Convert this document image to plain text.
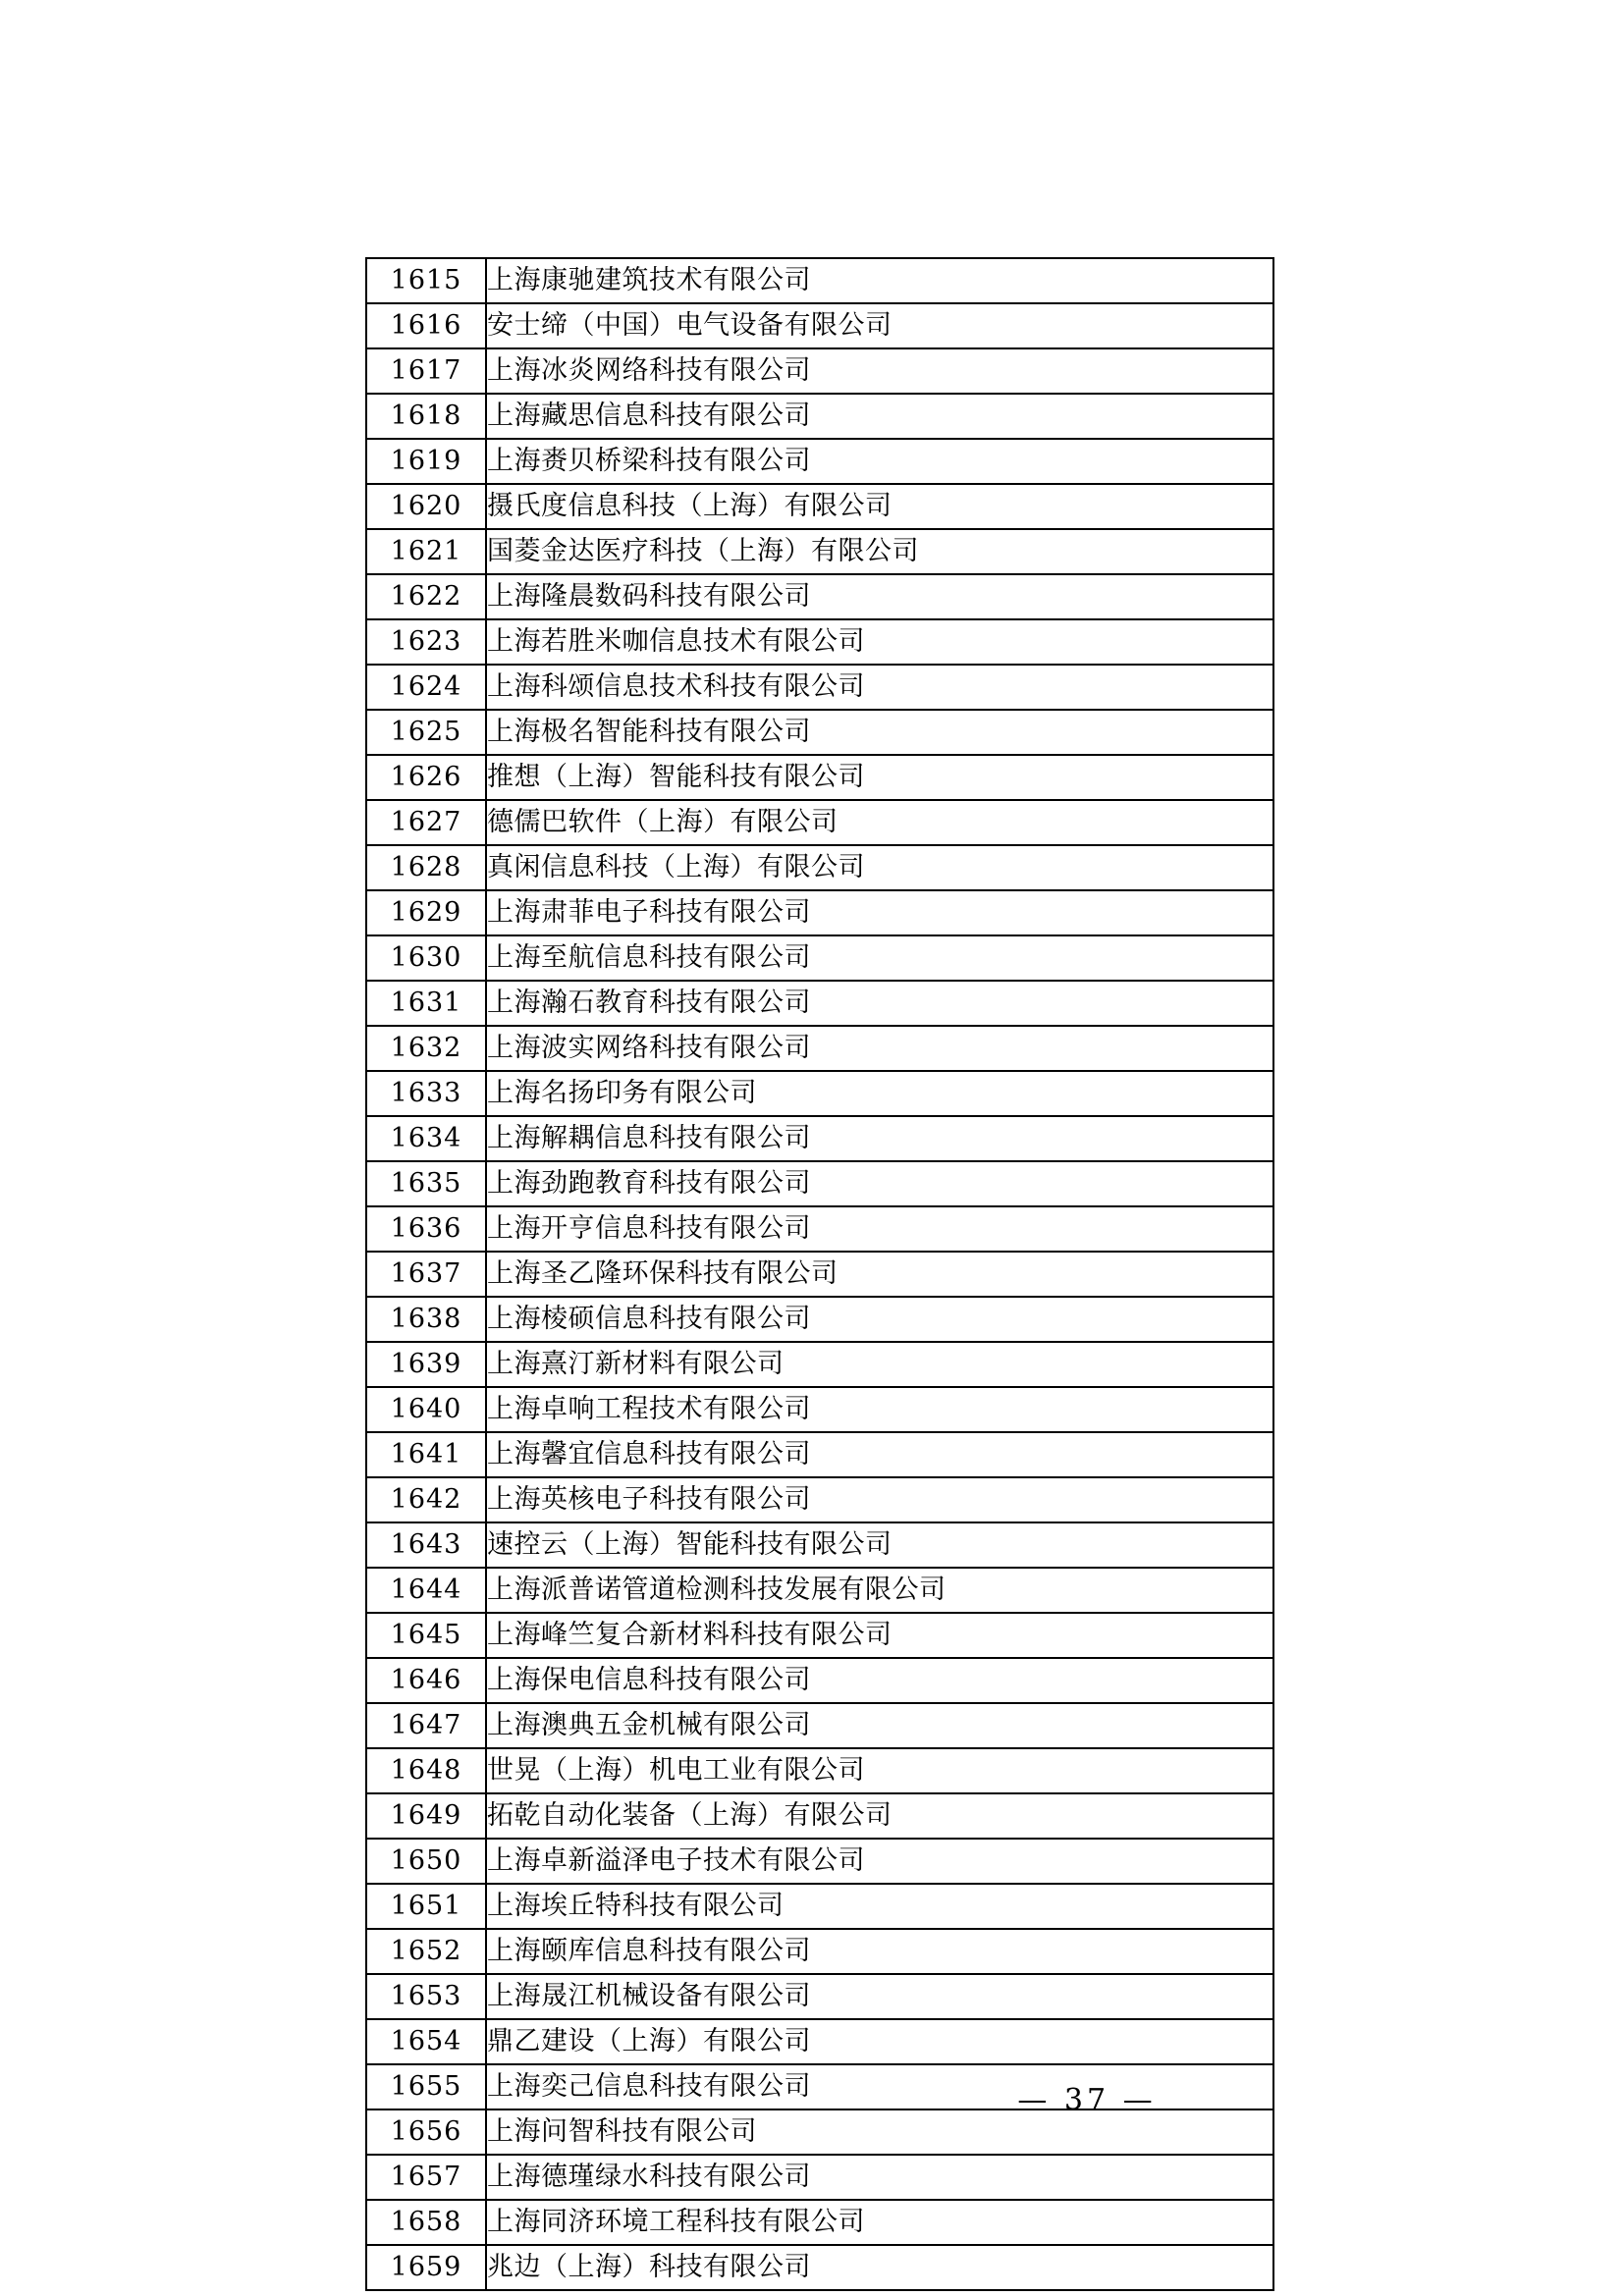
1615	上海康驰建筑技术有限公司
1616	安士缔（中国）电气设备有限公司
1617	上海冰炎网络科技有限公司
1618	上海藏思信息科技有限公司
1619	上海赉贝桥梁科技有限公司
1620	摄氏度信息科技（上海）有限公司
1621	国菱金达医疗科技（上海）有限公司
1622	上海隆晨数码科技有限公司
1623	上海若胜米咖信息技术有限公司
1624	上海科颂信息技术科技有限公司
1625	上海极名智能科技有限公司
1626	推想（上海）智能科技有限公司
1627	德儒巴软件（上海）有限公司
1628	真闲信息科技（上海）有限公司
1629	上海肃菲电子科技有限公司
1630	上海至航信息科技有限公司
1631	上海瀚石教育科技有限公司
1632	上海波实网络科技有限公司
1633	上海名扬印务有限公司
1634	上海解耦信息科技有限公司
1635	上海劲跑教育科技有限公司
1636	上海开亨信息科技有限公司
1637	上海圣乙隆环保科技有限公司
1638	上海棱硕信息科技有限公司
1639	上海熹汀新材料有限公司
1640	上海卓响工程技术有限公司
1641	上海馨宜信息科技有限公司
1642	上海英核电子科技有限公司
1643	速控云（上海）智能科技有限公司
1644	上海派普诺管道检测科技发展有限公司
1645	上海峰竺复合新材料科技有限公司
1646	上海保电信息科技有限公司
1647	上海澳典五金机械有限公司
1648	世晃（上海）机电工业有限公司
1649	拓乾自动化装备（上海）有限公司
1650	上海卓新溢泽电子技术有限公司
1651	上海埃丘特科技有限公司
1652	上海颐库信息科技有限公司
1653	上海晟江机械设备有限公司
1654	鼎乙建设（上海）有限公司
1655	上海奕己信息科技有限公司
1656	上海问智科技有限公司
1657	上海德瑾绿水科技有限公司
1658	上海同济环境工程科技有限公司
1659	兆边（上海）科技有限公司
— 37 —
